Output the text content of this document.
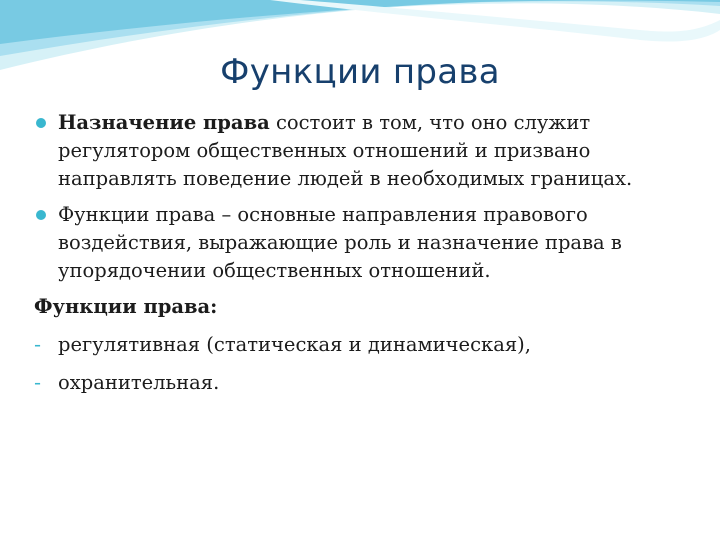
Функции права
Назначение права состоит в том, что оно служит регулятором общественных отношений и призвано направлять поведение людей в необходимых границах.
Функции права – основные направления правового воздействия, выражающие роль и назначение права в упорядочении общественных отношений.
Функции права:
- регулятивная (статическая и динамическая),
- охранительная.
